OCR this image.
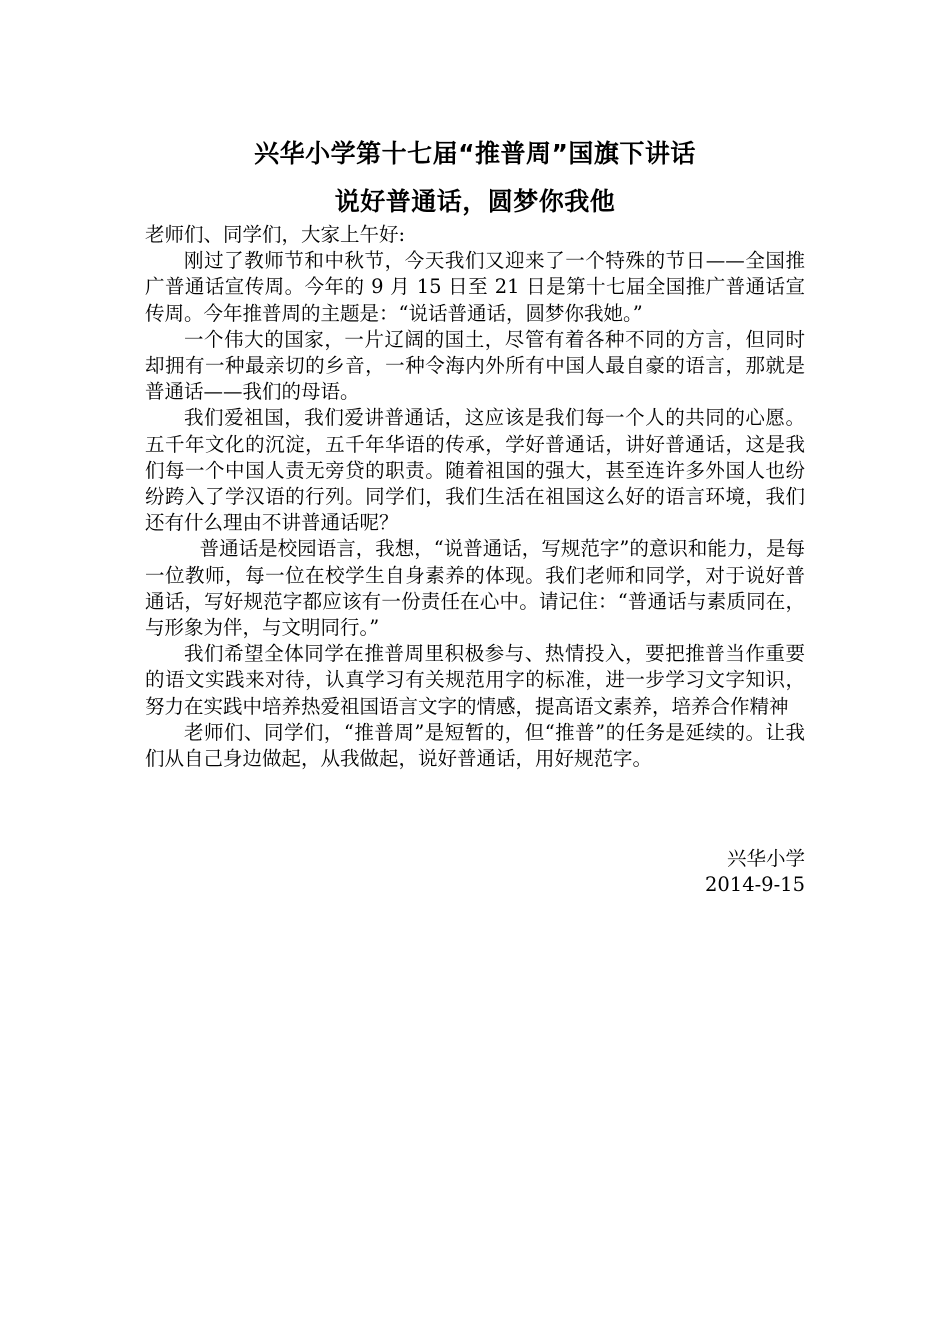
兴华小学第十七届“推普周”国旗下讲话
说好普通话，圆梦你我他

老师们、同学们，大家上午好:

刚过了教师节和中秋节，今天我们又迎来了一个特殊的节日——全国推广普通话宣传周。今年的 9 月 15 日至 21 日是第十七届全国推广普通话宣传周。今年推普周的主题是：“说话普通话，圆梦你我她。”

一个伟大的国家，一片辽阔的国土，尽管有着各种不同的方言，但同时却拥有一种最亲切的乡音，一种令海内外所有中国人最自豪的语言，那就是普通话——我们的母语。

我们爱祖国，我们爱讲普通话，这应该是我们每一个人的共同的心愿。五千年文化的沉淀，五千年华语的传承，学好普通话，讲好普通话，这是我们每一个中国人责无旁贷的职责。随着祖国的强大，甚至连许多外国人也纷纷跨入了学汉语的行列。同学们，我们生活在祖国这么好的语言环境，我们还有什么理由不讲普通话呢？

普通话是校园语言，我想，“说普通话，写规范字”的意识和能力，是每一位教师，每一位在校学生自身素养的体现。我们老师和同学，对于说好普通话，写好规范字都应该有一份责任在心中。请记住：“普通话与素质同在，与形象为伴，与文明同行。”

我们希望全体同学在推普周里积极参与、热情投入，要把推普当作重要的语文实践来对待，认真学习有关规范用字的标准，进一步学习文字知识，努力在实践中培养热爱祖国语言文字的情感，提高语文素养，培养合作精神

老师们、同学们，“推普周”是短暂的，但“推普”的任务是延续的。让我们从自己身边做起，从我做起，说好普通话，用好规范字。

兴华小学
2014-9-15
